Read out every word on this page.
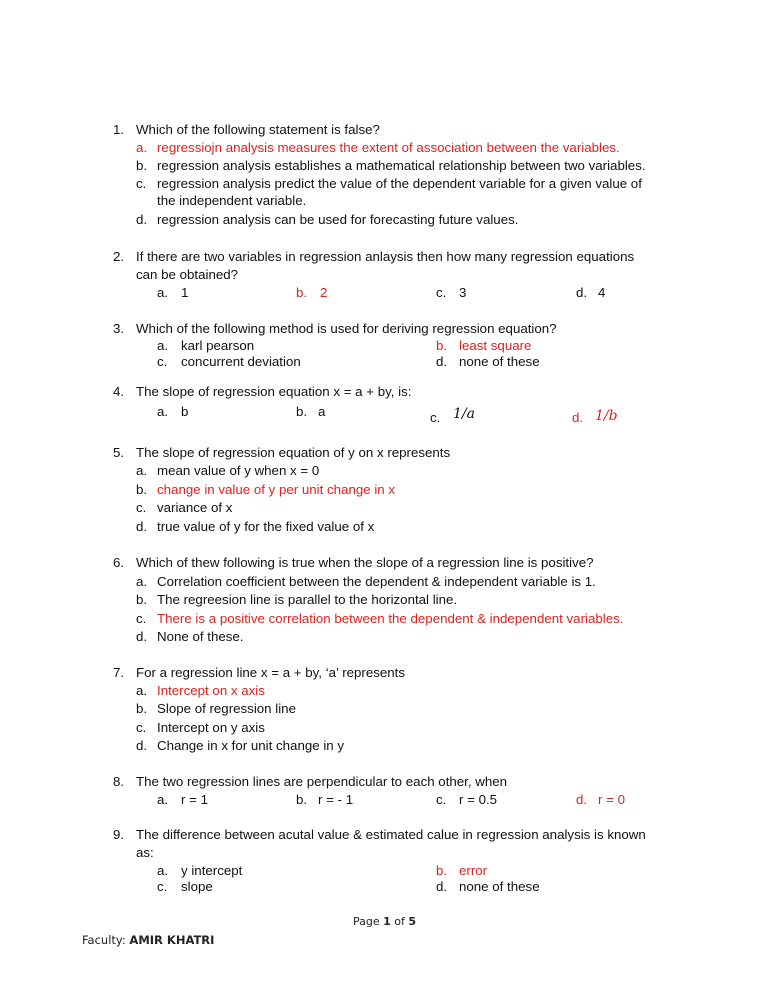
1. Which of the following statement is false?
a. regressiojn analysis measures the extent of association between the variables.
b. regression analysis establishes a mathematical relationship between two variables.
c. regression analysis predict the value of the dependent variable for a given value of
the independent variable.
d. regression analysis can be used for forecasting future values.
2. If there are two variables in regression anlaysis then how many regression equations
can be obtained?
a. 1	b. 2	c. 3	d. 4
3. Which of the following method is used for deriving regression equation?
a. karl pearson	b. least square
c. concurrent deviation	d. none of these
4. The slope of regression equation x = a + by, is:
a. b	b. a	c. 1/a	d. 1/b
5. The slope of regression equation of y on x represents
a. mean value of y when x = 0
b. change in value of y per unit change in x
c. variance of x
d. true value of y for the fixed value of x
6. Which of thew following is true when the slope of a regression line is positive?
a. Correlation coefficient between the dependent & independent variable is 1.
b. The regreesion line is parallel to the horizontal line.
c. There is a positive correlation between the dependent & independent variables.
d. None of these.
7. For a regression line x = a + by, ‘a’ represents
a. Intercept on x axis
b. Slope of regression line
c. Intercept on y axis
d. Change in x for unit change in y
8. The two regression lines are perpendicular to each other, when
a. r = 1	b. r = - 1	c. r = 0.5	d. r = 0
9. The difference between acutal value & estimated calue in regression analysis is known
as:
a. y intercept	b. error
c. slope	d. none of these
Page 1 of 5
Faculty: AMIR KHATRI
